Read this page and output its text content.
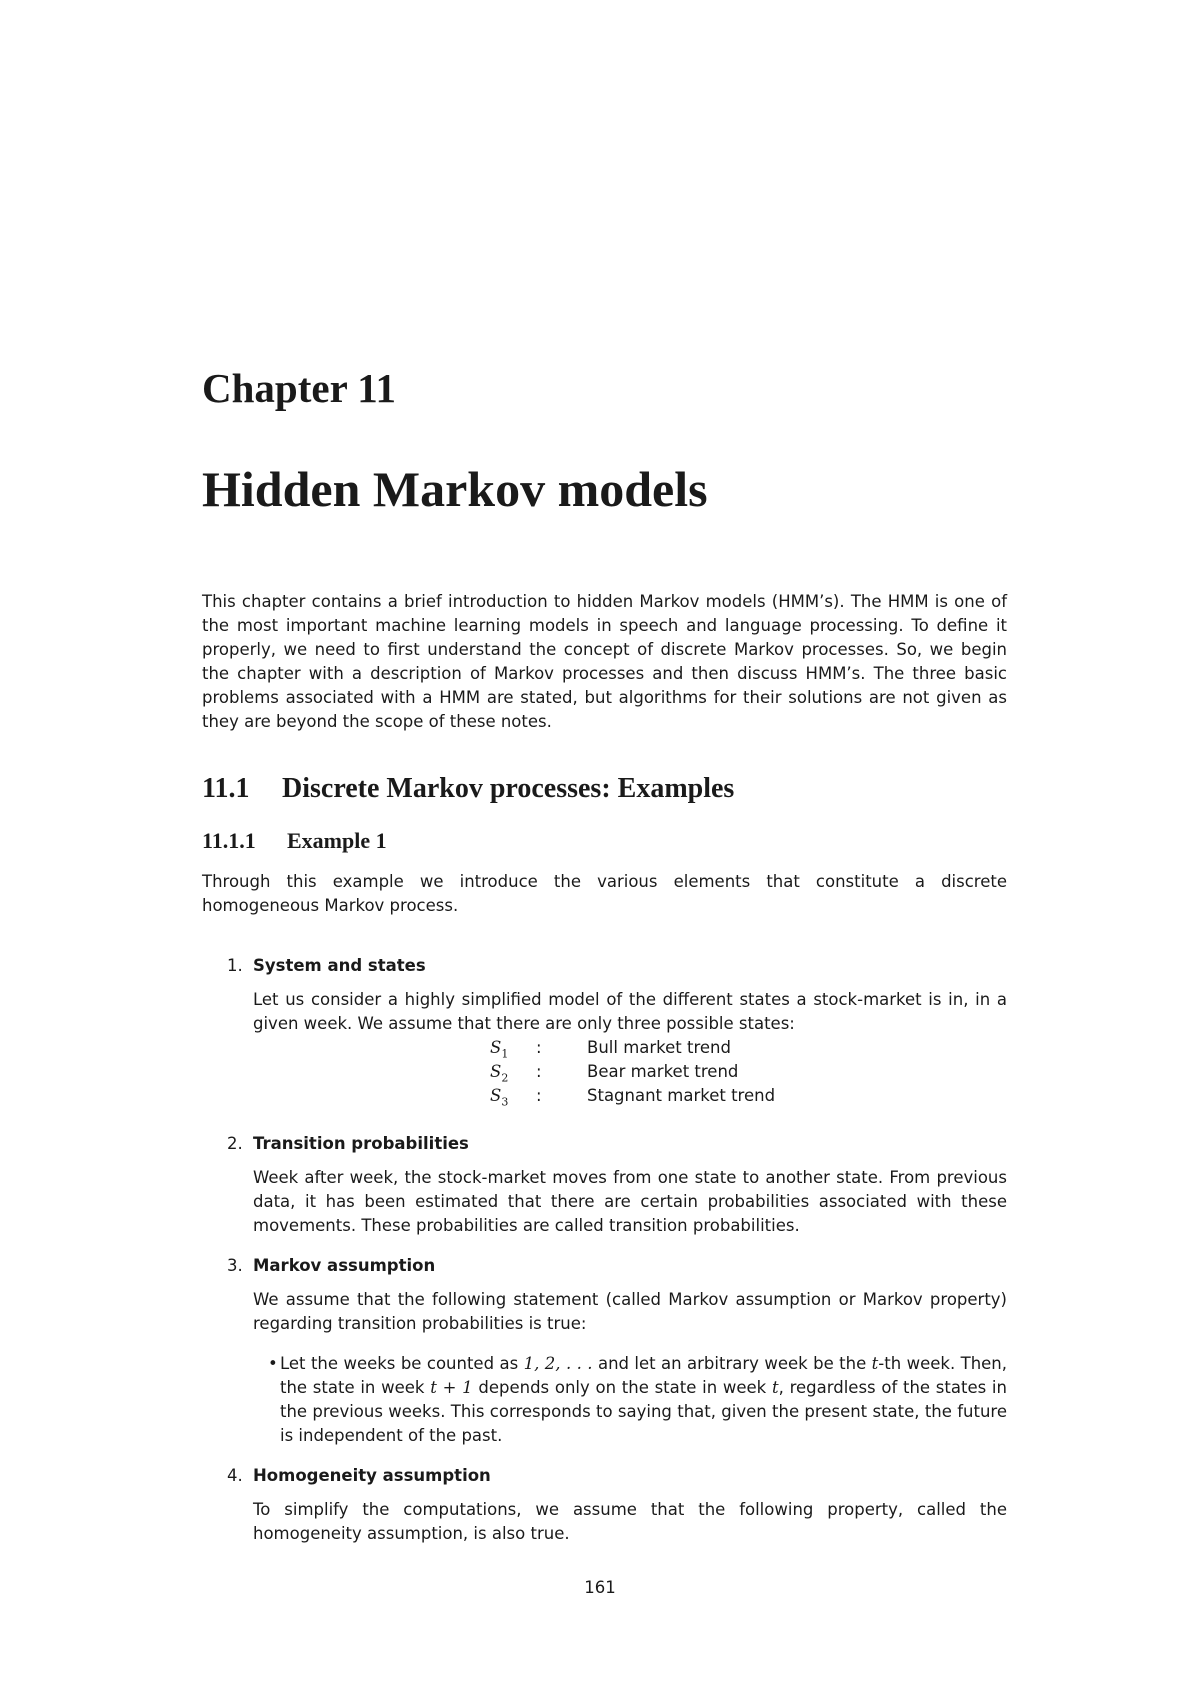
Chapter 11
Hidden Markov models

This chapter contains a brief introduction to hidden Markov models (HMM’s). The HMM is one of the most important machine learning models in speech and language processing. To define it properly, we need to first understand the concept of discrete Markov processes. So, we begin the chapter with a description of Markov processes and then discuss HMM’s. The three basic problems associated with a HMM are stated, but algorithms for their solutions are not given as they are beyond the scope of these notes.

11.1 Discrete Markov processes: Examples
11.1.1 Example 1

Through this example we introduce the various elements that constitute a discrete homogeneous Markov process.

1. System and states

Let us consider a highly simplified model of the different states a stock-market is in, in a given week. We assume that there are only three possible states:

$S_1$ :	Bull market trend
$S_2$ :	Bear market trend
$S_3$ :	Stagnant market trend

2. Transition probabilities

Week after week, the stock-market moves from one state to another state. From previous data, it has been estimated that there are certain probabilities associated with these movements. These probabilities are called transition probabilities.

3. Markov assumption

We assume that the following statement (called Markov assumption or Markov property) regarding transition probabilities is true:

• Let the weeks be counted as 1, 2, . . . and let an arbitrary week be the t-th week. Then, the state in week t + 1 depends only on the state in week t, regardless of the states in the previous weeks. This corresponds to saying that, given the present state, the future is independent of the past.

4. Homogeneity assumption

To simplify the computations, we assume that the following property, called the homogeneity assumption, is also true.

161
